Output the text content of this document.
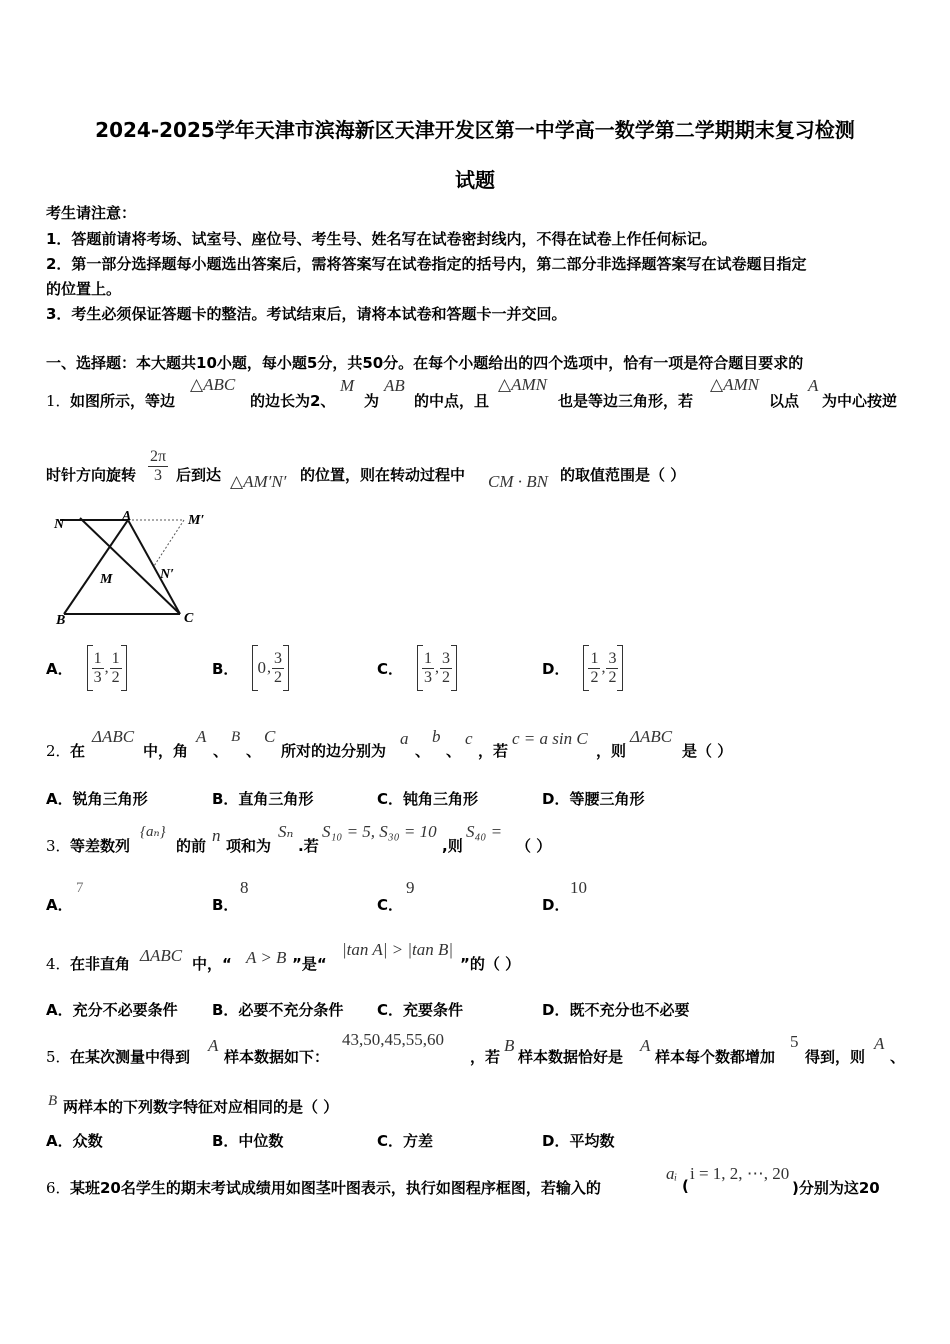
2024-2025学年天津市滨海新区天津开发区第一中学高一数学第二学期期末复习检测
试题
考生请注意：
1．答题前请将考场、试室号、座位号、考生号、姓名写在试卷密封线内，不得在试卷上作任何标记。
2．第一部分选择题每小题选出答案后，需将答案写在试卷指定的括号内，第二部分非选择题答案写在试卷题目指定
的位置上。
3．考生必须保证答题卡的整洁。考试结束后，请将本试卷和答题卡一并交回。
一、选择题：本大题共10小题，每小题5分，共50分。在每个小题给出的四个选项中，恰有一项是符合题目要求的
1． 如图所示，等边
△ABC
的边长为2、
M
为
AB
的中点，且
△AMN
也是等边三角形，若
△AMN
以点
A
为中心按逆
时针方向旋转 $\frac{2\pi}{3}$ 后到达 △AM′N′ 的位置，则在转动过程中 CM · BN 的取值范围是（ ）
N
A	M′
M	N′
B	C
A． $\frac{1}{3}$ , $\frac{1}{2}$	B． 0 , $\frac{3}{2}$	C． $\frac{1}{3}$ , $\frac{3}{2}$	D． $\frac{1}{2}$ , $\frac{3}{2}$
2． 在
ΔABC
中，角
A
、
B
、
C
所对的边分别为
a
、
b
、
c
，若
c = a sin C
，则
ΔABC
是（ ）
A．锐角三角形	B．直角三角形	C．钝角三角形	D．等腰三角形
3． 等差数列
{aₙ}
的前
n
项和为
Sₙ
.若
S₁₀ = 5, S₃₀ = 10
,则
S₄₀ =
（ ）
A．
7
B．
8
C．
9
D．
10
4． 在非直角 ΔABC 中，“ A > B ”是“
|tan A| > |tan B|
”的（ ）
A．充分不必要条件 B．必要不充分条件 C．充要条件	D．既不充分也不必要
5． 在某次测量中得到
A
样本数据如下：
43,50,45,55,60
，若
B
样本数据恰好是
A
样本每个数都增加
5
得到，则
A
、
B 两样本的下列数字特征对应相同的是（ ）
A．众数	B．中位数	C．方差	D．平均数
6． 某班20名学生的期末考试成绩用如图茎叶图表示，执行如图程序框图，若输入的
aᵢ
(
i = 1, 2, ⋯, 20
)分别为这20
